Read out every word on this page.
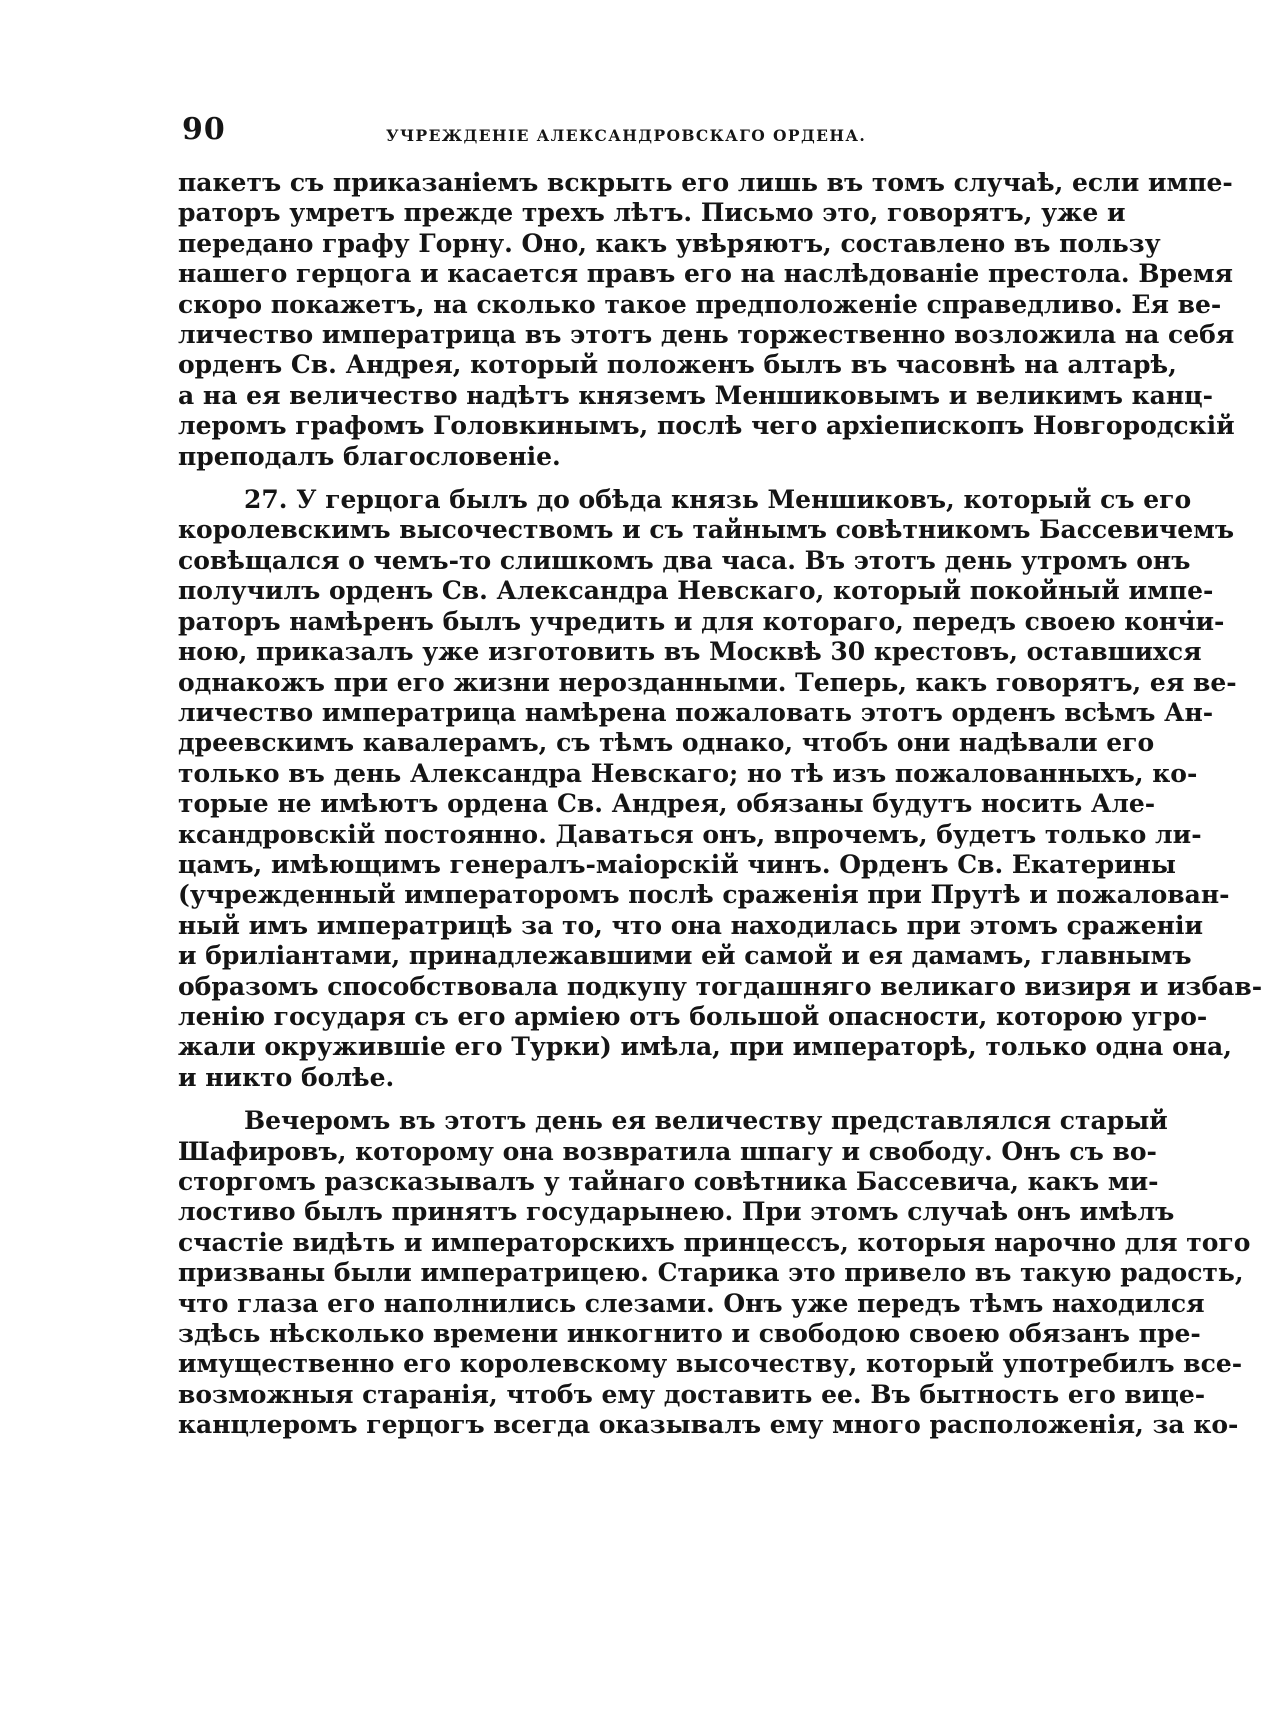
90	УЧРЕЖДЕНІЕ АЛЕКСАНДРОВСКАГО ОРДЕНА.
пакетъ съ приказаніемъ вскрыть его лишь въ томъ случаѣ, если импе-
раторъ умретъ прежде трехъ лѣтъ. Письмо это, говорятъ, уже и
передано графу Горну. Оно, какъ увѣряютъ, составлено въ пользу
нашего герцога и касается правъ его на наслѣдованіе престола. Время
скоро покажетъ, на сколько такое предположеніе справедливо. Ея ве-
личество императрица въ этотъ день торжественно возложила на себя
орденъ Св. Андрея, который положенъ былъ въ часовнѣ на алтарѣ,
а на ея величество надѣтъ княземъ Меншиковымъ и великимъ канц-
леромъ графомъ Головкинымъ, послѣ чего архіепископъ Новгородскій
преподалъ благословеніе.
27. У герцога былъ до обѣда князь Меншиковъ, который съ его
королевскимъ высочествомъ и съ тайнымъ совѣтникомъ Бассевичемъ
совѣщался о чемъ-то слишкомъ два часа. Въ этотъ день утромъ онъ
получилъ орденъ Св. Александра Невскаго, который покойный импе-
раторъ намѣренъ былъ учредить и для котораго, передъ своею конч̇и-
ною, приказалъ уже изготовить въ Москвѣ 30 крестовъ, оставшихся
однакожъ при его жизни нерозданными. Теперь, какъ говорятъ, ея ве-
личество императрица намѣрена пожаловать этотъ орденъ всѣмъ Ан-
дреевскимъ кавалерамъ, съ тѣмъ однако, чтобъ они надѣвали его
только въ день Александра Невскаго; но тѣ изъ пожалованныхъ, ко-
торые не имѣютъ ордена Св. Андрея, обязаны будутъ носить Але-
ксандровскій постоянно. Даваться онъ, впрочемъ, будетъ только ли-
цамъ, имѣющимъ генералъ-маіорскій чинъ. Орденъ Св. Екатерины
(учрежденный императоромъ послѣ сраженія при Прутѣ и пожалован-
ный имъ императрицѣ за то, что она находилась при этомъ сраженіи
и бриліантами, принадлежавшими ей самой и ея дамамъ, главнымъ
образомъ способствовала подкупу тогдашняго великаго визиря и избав-
ленію государя съ его арміею отъ большой опасности, которою угро-
жали окружившіе его Турки) имѣла, при императорѣ, только одна она,
и никто болѣе.
Вечеромъ въ этотъ день ея величеству представлялся старый
Шафировъ, которому она возвратила шпагу и свободу. Онъ съ во-
сторгомъ разсказывалъ у тайнаго совѣтника Бассевича, какъ ми-
лостиво былъ принятъ государынею. При этомъ случаѣ онъ имѣлъ
счастіе видѣть и императорскихъ принцессъ, которыя нарочно для того
призваны были императрицею. Старика это привело въ такую радость,
что глаза его наполнились слезами. Онъ уже передъ тѣмъ находился
здѣсь нѣсколько времени инкогнито и свободою своею обязанъ пре-
имущественно его королевскому высочеству, который употребилъ все-
возможныя старанія, чтобъ ему доставить ее. Въ бытность его вице-
канцлеромъ герцогъ всегда оказывалъ ему много расположенія, за ко-
